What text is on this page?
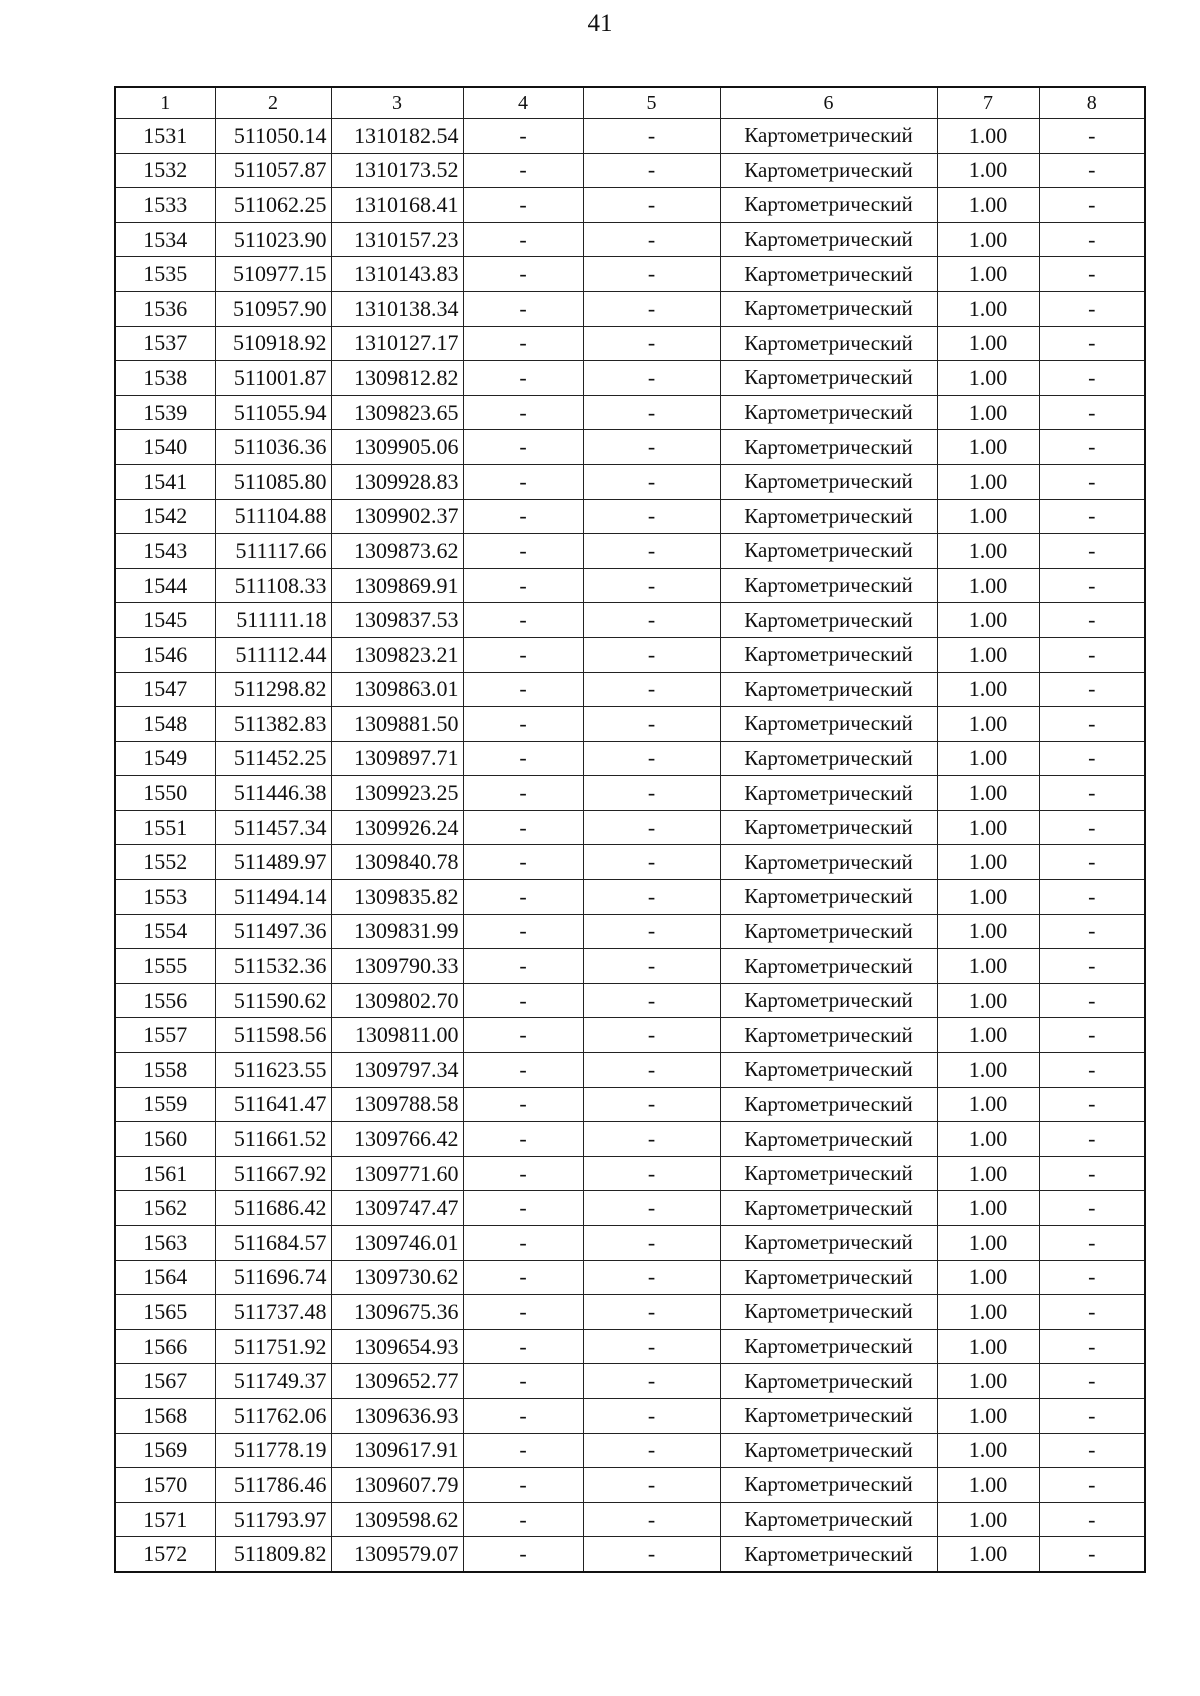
41
1	2	3	4	5	6	7	8
1531	511050.14	1310182.54	-	-	Картометрический	1.00	-
1532	511057.87	1310173.52	-	-	Картометрический	1.00	-
1533	511062.25	1310168.41	-	-	Картометрический	1.00	-
1534	511023.90	1310157.23	-	-	Картометрический	1.00	-
1535	510977.15	1310143.83	-	-	Картометрический	1.00	-
1536	510957.90	1310138.34	-	-	Картометрический	1.00	-
1537	510918.92	1310127.17	-	-	Картометрический	1.00	-
1538	511001.87	1309812.82	-	-	Картометрический	1.00	-
1539	511055.94	1309823.65	-	-	Картометрический	1.00	-
1540	511036.36	1309905.06	-	-	Картометрический	1.00	-
1541	511085.80	1309928.83	-	-	Картометрический	1.00	-
1542	511104.88	1309902.37	-	-	Картометрический	1.00	-
1543	511117.66	1309873.62	-	-	Картометрический	1.00	-
1544	511108.33	1309869.91	-	-	Картометрический	1.00	-
1545	511111.18	1309837.53	-	-	Картометрический	1.00	-
1546	511112.44	1309823.21	-	-	Картометрический	1.00	-
1547	511298.82	1309863.01	-	-	Картометрический	1.00	-
1548	511382.83	1309881.50	-	-	Картометрический	1.00	-
1549	511452.25	1309897.71	-	-	Картометрический	1.00	-
1550	511446.38	1309923.25	-	-	Картометрический	1.00	-
1551	511457.34	1309926.24	-	-	Картометрический	1.00	-
1552	511489.97	1309840.78	-	-	Картометрический	1.00	-
1553	511494.14	1309835.82	-	-	Картометрический	1.00	-
1554	511497.36	1309831.99	-	-	Картометрический	1.00	-
1555	511532.36	1309790.33	-	-	Картометрический	1.00	-
1556	511590.62	1309802.70	-	-	Картометрический	1.00	-
1557	511598.56	1309811.00	-	-	Картометрический	1.00	-
1558	511623.55	1309797.34	-	-	Картометрический	1.00	-
1559	511641.47	1309788.58	-	-	Картометрический	1.00	-
1560	511661.52	1309766.42	-	-	Картометрический	1.00	-
1561	511667.92	1309771.60	-	-	Картометрический	1.00	-
1562	511686.42	1309747.47	-	-	Картометрический	1.00	-
1563	511684.57	1309746.01	-	-	Картометрический	1.00	-
1564	511696.74	1309730.62	-	-	Картометрический	1.00	-
1565	511737.48	1309675.36	-	-	Картометрический	1.00	-
1566	511751.92	1309654.93	-	-	Картометрический	1.00	-
1567	511749.37	1309652.77	-	-	Картометрический	1.00	-
1568	511762.06	1309636.93	-	-	Картометрический	1.00	-
1569	511778.19	1309617.91	-	-	Картометрический	1.00	-
1570	511786.46	1309607.79	-	-	Картометрический	1.00	-
1571	511793.97	1309598.62	-	-	Картометрический	1.00	-
1572	511809.82	1309579.07	-	-	Картометрический	1.00	-
